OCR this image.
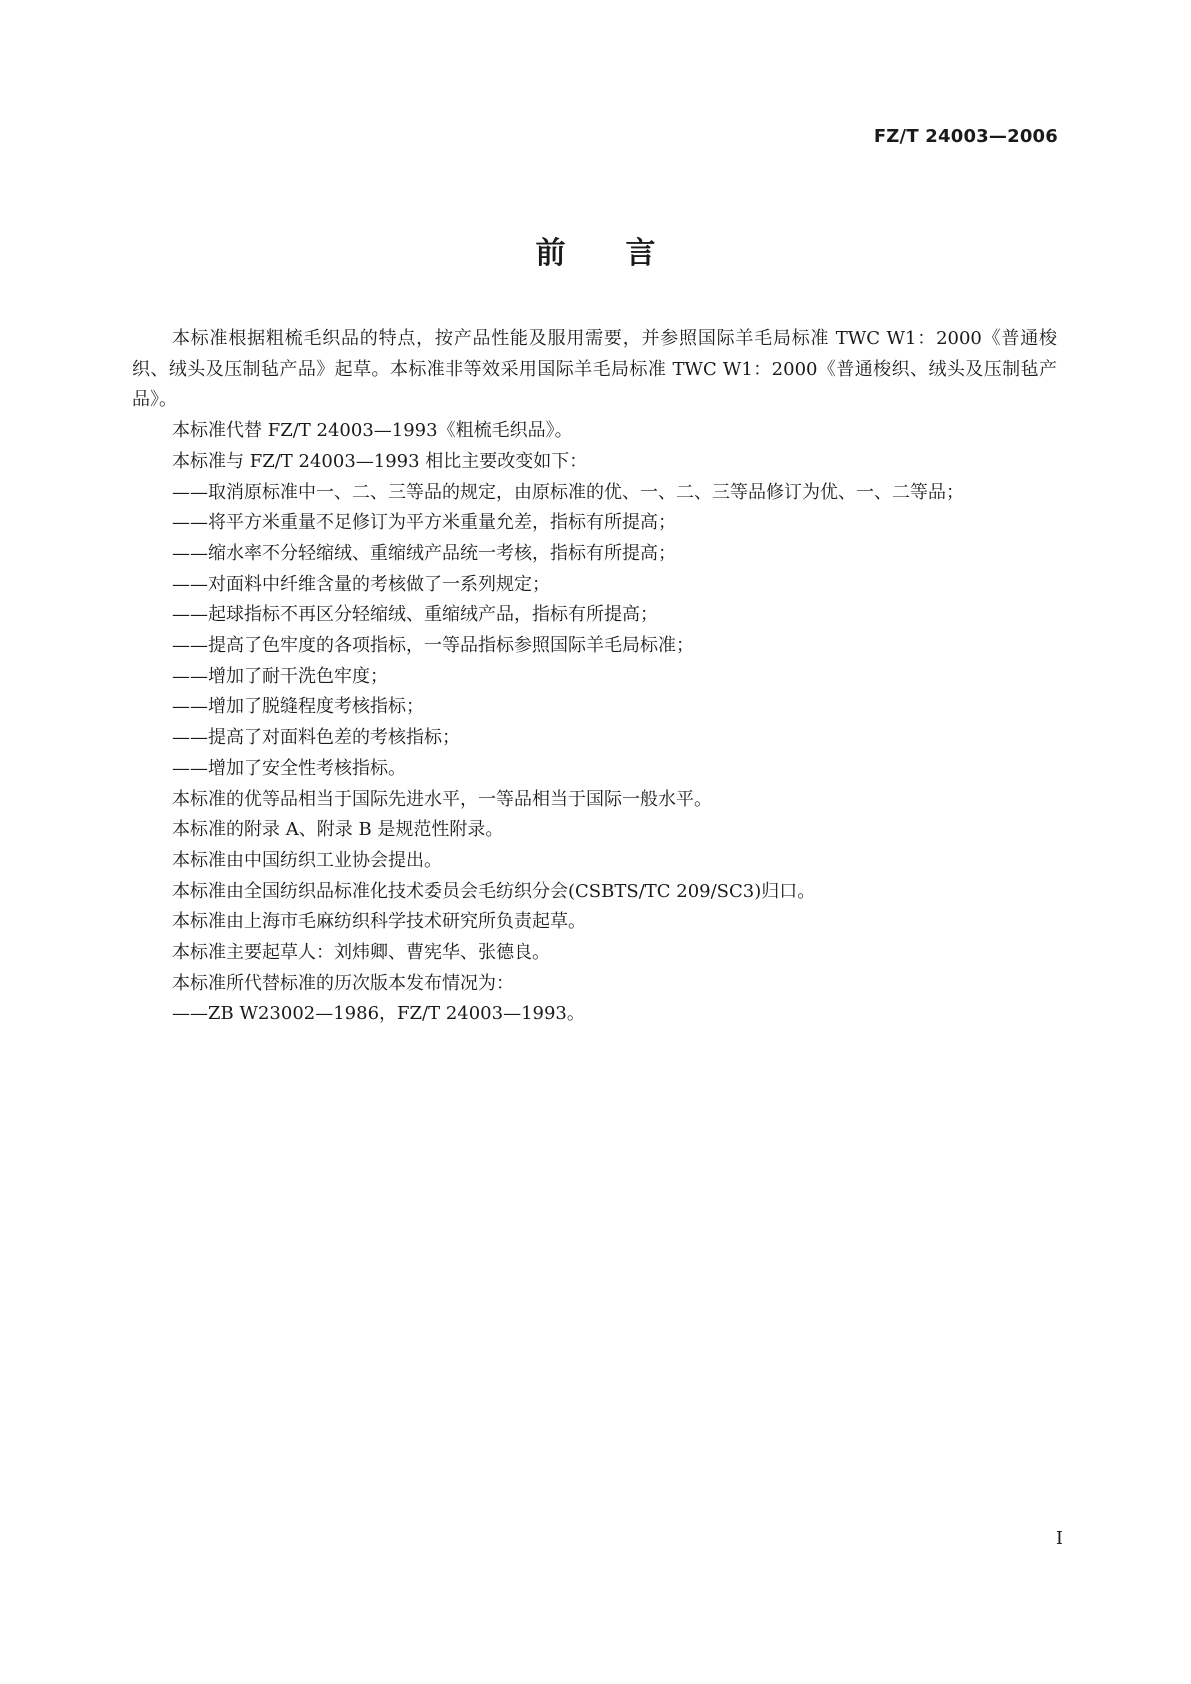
FZ/T 24003—2006
前言

本标准根据粗梳毛织品的特点，按产品性能及服用需要，并参照国际羊毛局标准 TWC W1：2000《普通梭织、绒头及压制毡产品》起草。本标准非等效采用国际羊毛局标准 TWC W1：2000《普通梭织、绒头及压制毡产品》。

本标准代替 FZ/T 24003—1993《粗梳毛织品》。

本标准与 FZ/T 24003—1993 相比主要改变如下：

——取消原标准中一、二、三等品的规定，由原标准的优、一、二、三等品修订为优、一、二等品；
——将平方米重量不足修订为平方米重量允差，指标有所提高；
——缩水率不分轻缩绒、重缩绒产品统一考核，指标有所提高；
——对面料中纤维含量的考核做了一系列规定；
——起球指标不再区分轻缩绒、重缩绒产品，指标有所提高；
——提高了色牢度的各项指标，一等品指标参照国际羊毛局标准；
——增加了耐干洗色牢度；
——增加了脱缝程度考核指标；
——提高了对面料色差的考核指标；
——增加了安全性考核指标。

本标准的优等品相当于国际先进水平，一等品相当于国际一般水平。

本标准的附录 A、附录 B 是规范性附录。

本标准由中国纺织工业协会提出。

本标准由全国纺织品标准化技术委员会毛纺织分会(CSBTS/TC 209/SC3)归口。

本标准由上海市毛麻纺织科学技术研究所负责起草。

本标准主要起草人：刘炜卿、曹宪华、张德良。

本标准所代替标准的历次版本发布情况为：

——ZB W23002—1986，FZ/T 24003—1993。
I
